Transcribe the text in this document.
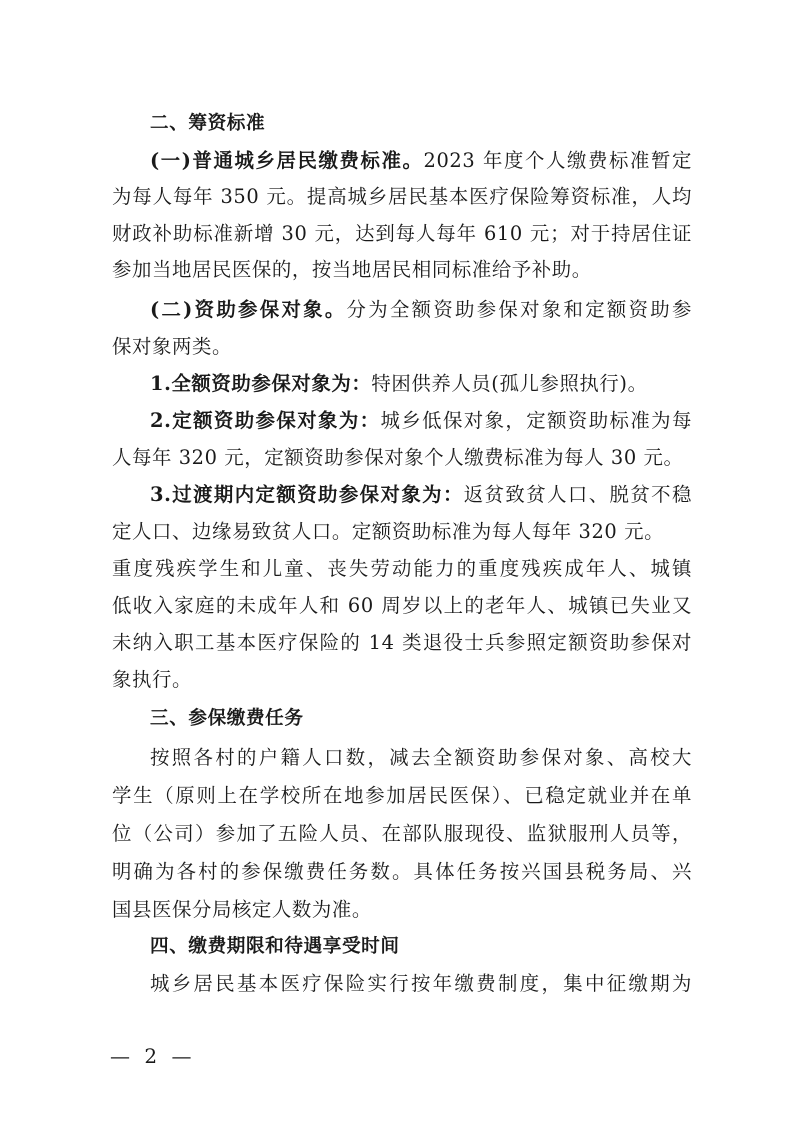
二、筹资标准
(一)普通城乡居民缴费标准。2023 年度个人缴费标准暂定
为每人每年 350 元。提高城乡居民基本医疗保险筹资标准，人均
财政补助标准新增 30 元，达到每人每年 610 元；对于持居住证
参加当地居民医保的，按当地居民相同标准给予补助。
(二)资助参保对象。分为全额资助参保对象和定额资助参
保对象两类。
1.全额资助参保对象为：特困供养人员(孤儿参照执行)。
2.定额资助参保对象为：城乡低保对象，定额资助标准为每
人每年 320 元，定额资助参保对象个人缴费标准为每人 30 元。
3.过渡期内定额资助参保对象为：返贫致贫人口、脱贫不稳
定人口、边缘易致贫人口。定额资助标准为每人每年 320 元。
重度残疾学生和儿童、丧失劳动能力的重度残疾成年人、城镇
低收入家庭的未成年人和 60 周岁以上的老年人、城镇已失业又
未纳入职工基本医疗保险的 14 类退役士兵参照定额资助参保对
象执行。
三、参保缴费任务
按照各村的户籍人口数，减去全额资助参保对象、高校大
学生（原则上在学校所在地参加居民医保）、已稳定就业并在单
位（公司）参加了五险人员、在部队服现役、监狱服刑人员等，
明确为各村的参保缴费任务数。具体任务按兴国县税务局、兴
国县医保分局核定人数为准。
四、缴费期限和待遇享受时间
城乡居民基本医疗保险实行按年缴费制度，集中征缴期为
— 2 —
